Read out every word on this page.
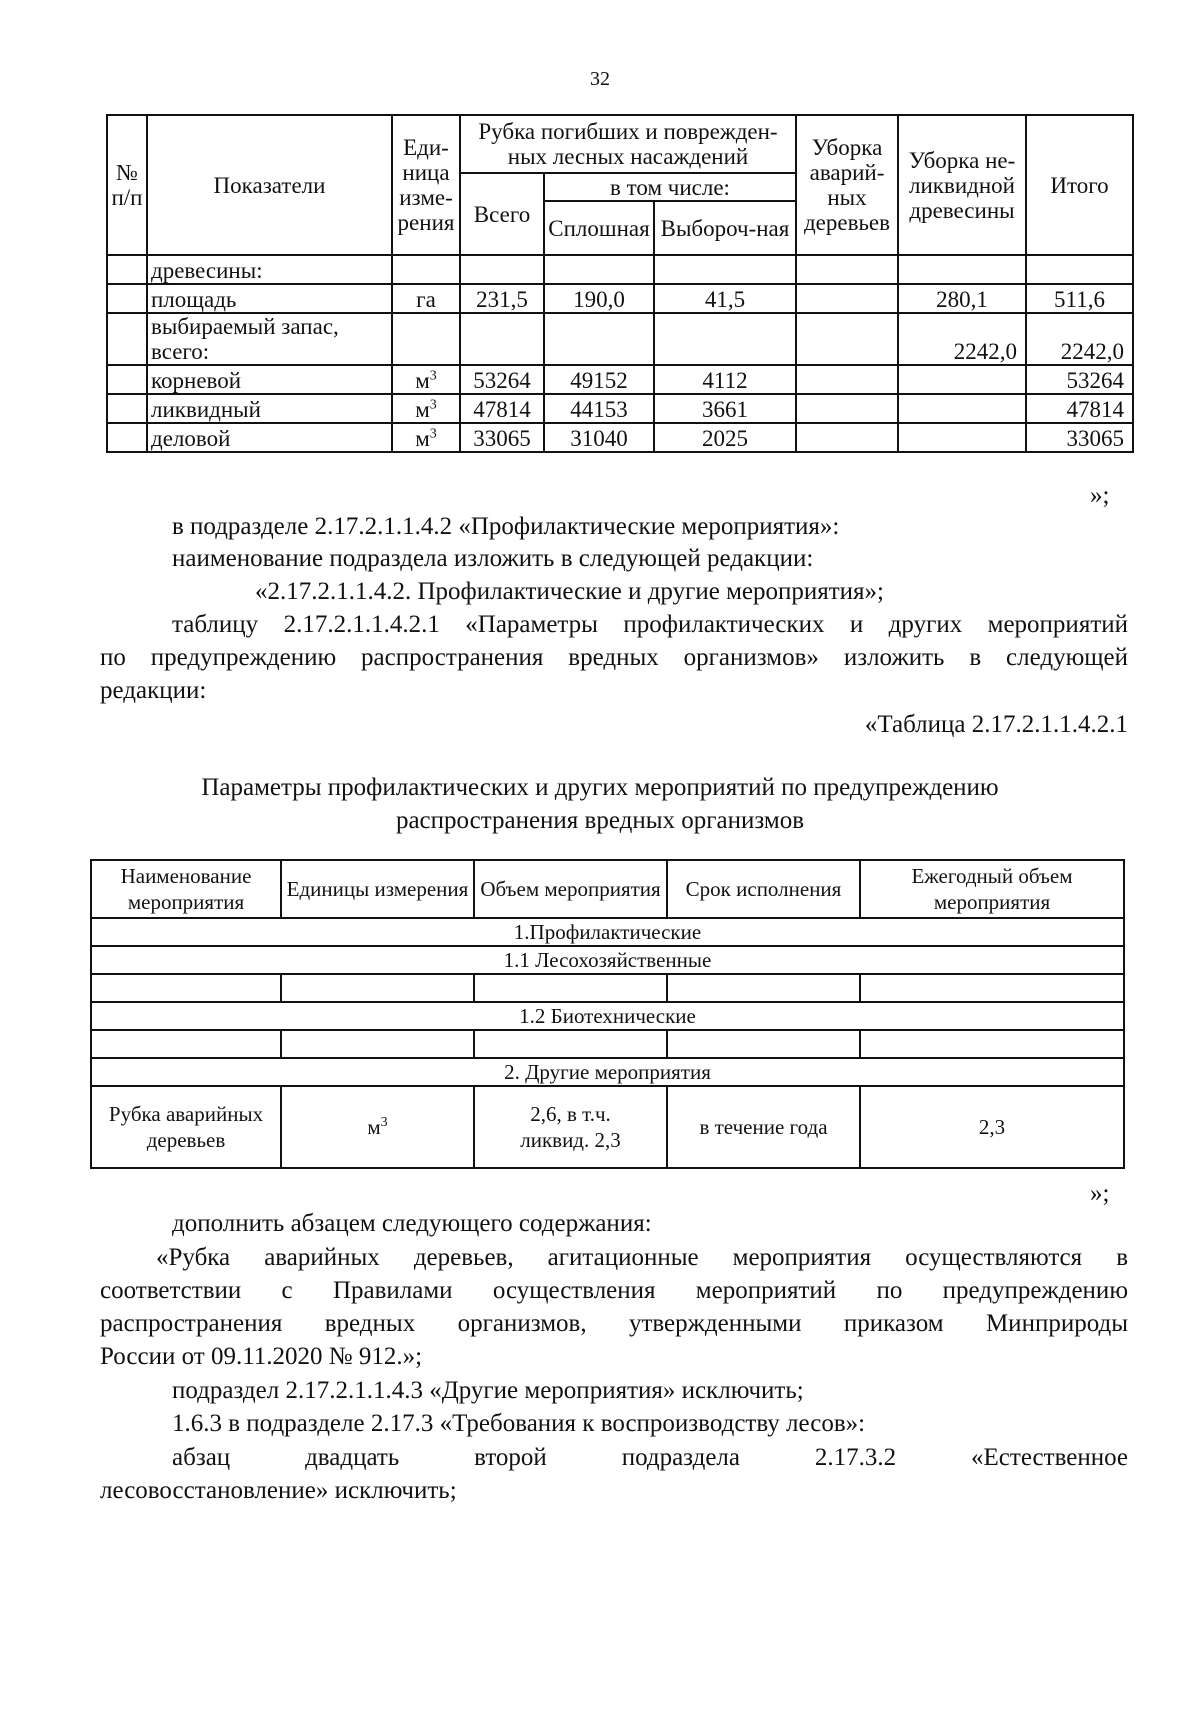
32
№ п/п	Показатели	Еди-ница изме-рения	Рубка погибших и поврежден-ных лесных насаждений			Уборка аварий-ных деревьев	Уборка не-ликвидной древесины	Итого
			Всего	в том числе:				
				Сплошная	Выбороч-ная			
	древесины:							
	площадь	га	231,5	190,0	41,5		280,1	511,6
	выбираемый запас, всего:						2242,0	2242,0
	корневой	$м^3$	53264	49152	4112			53264
	ликвидный	$м^3$	47814	44153	3661			47814
	деловой	$м^3$	33065	31040	2025			33065
»;

в подразделе 2.17.2.1.1.4.2 «Профилактические мероприятия»:

наименование подраздела изложить в следующей редакции:

«2.17.2.1.1.4.2. Профилактические и другие мероприятия»;

таблицу 2.17.2.1.1.4.2.1 «Параметры профилактических и других мероприятий

по предупреждению распространения вредных организмов» изложить в следующей

редакции:

«Таблица 2.17.2.1.1.4.2.1

Параметры профилактических и других мероприятий по предупреждению

распространения вредных организмов

Наименование мероприятия	Единицы измерения	Объем мероприятия	Срок исполнения	Ежегодный объем мероприятия
1.Профилактические				
1.1 Лесохозяйственные				

1.2 Биотехнические				

2. Другие мероприятия				
Рубка аварийных деревьев	$м^3$	2,6, в т.ч. ликвид. 2,3	в течение года	2,3
»;

дополнить абзацем следующего содержания:

«Рубка аварийных деревьев, агитационные мероприятия осуществляются в

соответствии с Правилами осуществления мероприятий по предупреждению

распространения вредных организмов, утвержденными приказом Минприроды

России от 09.11.2020 № 912.»;

подраздел 2.17.2.1.1.4.3 «Другие мероприятия» исключить;

1.6.3 в подразделе 2.17.3 «Требования к воспроизводству лесов»:

абзац двадцать второй подраздела 2.17.3.2 «Естественное

лесовосстановление» исключить;
